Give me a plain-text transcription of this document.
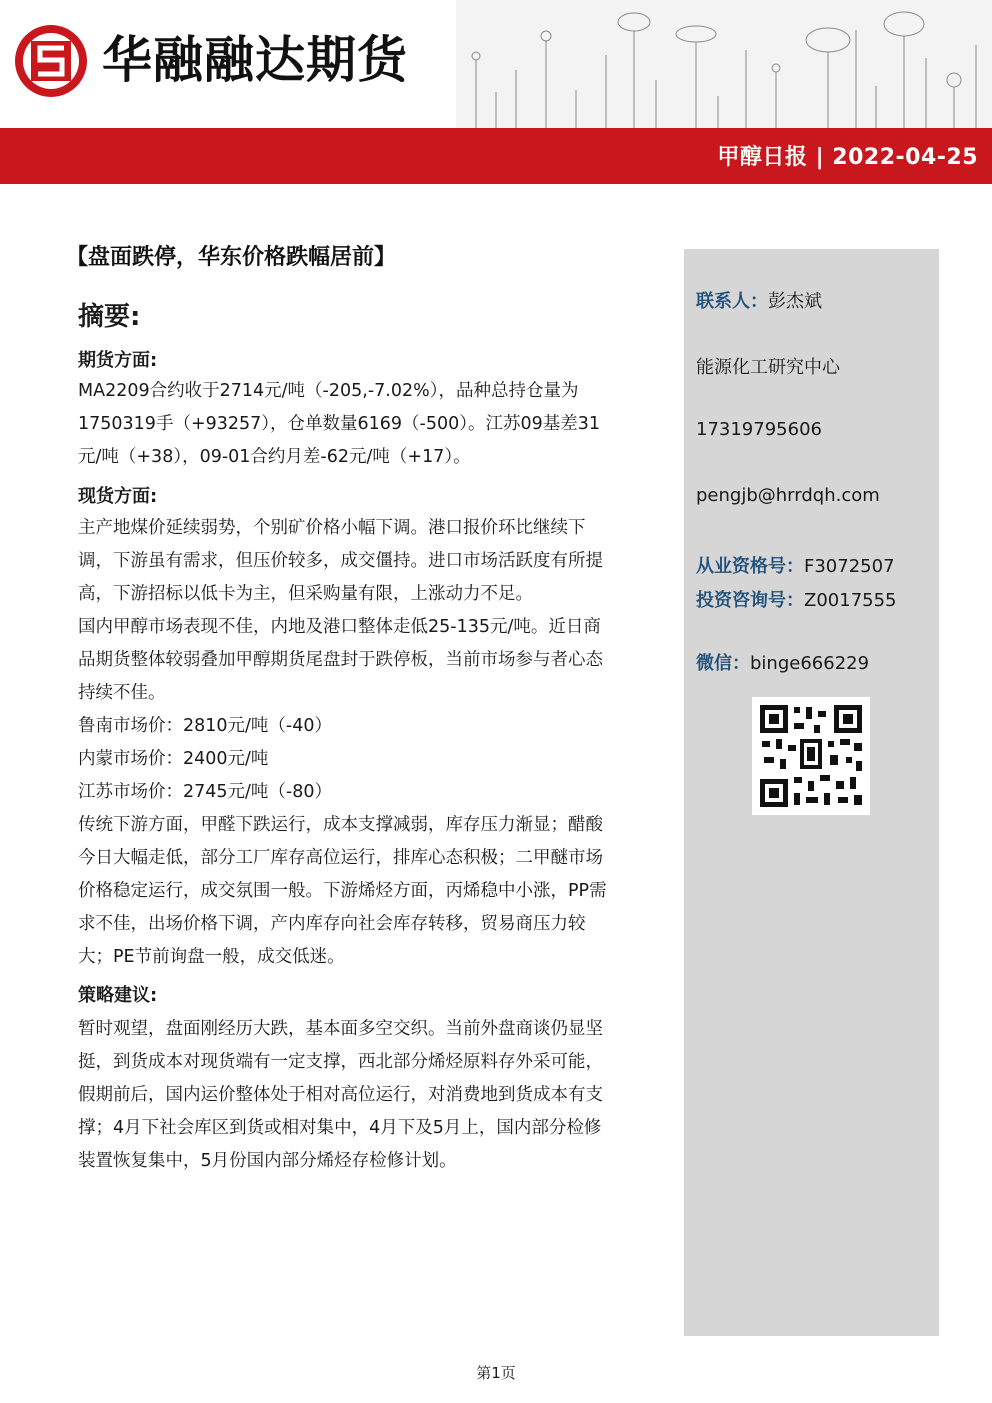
华融融达期货
甲醇日报 | 2022-04-25
【盘面跌停，华东价格跌幅居前】
摘要:
期货方面:
MA2209合约收于2714元/吨（-205,-7.02%），品种总持仓量为
1750319手（+93257），仓单数量6169（-500）。江苏09基差31
元/吨（+38），09-01合约月差-62元/吨（+17）。
现货方面:
主产地煤价延续弱势，个别矿价格小幅下调。港口报价环比继续下
调，下游虽有需求，但压价较多，成交僵持。进口市场活跃度有所提
高，下游招标以低卡为主，但采购量有限，上涨动力不足。
国内甲醇市场表现不佳，内地及港口整体走低25-135元/吨。近日商
品期货整体较弱叠加甲醇期货尾盘封于跌停板，当前市场参与者心态
持续不佳。
鲁南市场价：2810元/吨（-40）
内蒙市场价：2400元/吨
江苏市场价：2745元/吨（-80）
传统下游方面，甲醛下跌运行，成本支撑减弱，库存压力渐显；醋酸
今日大幅走低，部分工厂库存高位运行，排库心态积极；二甲醚市场
价格稳定运行，成交氛围一般。下游烯烃方面，丙烯稳中小涨，PP需
求不佳，出场价格下调，产内库存向社会库存转移，贸易商压力较
大；PE节前询盘一般，成交低迷。
策略建议:
暂时观望，盘面刚经历大跌，基本面多空交织。当前外盘商谈仍显坚
挺，到货成本对现货端有一定支撑，西北部分烯烃原料存外采可能，
假期前后，国内运价整体处于相对高位运行，对消费地到货成本有支
撑；4月下社会库区到货或相对集中，4月下及5月上，国内部分检修
装置恢复集中，5月份国内部分烯烃存检修计划。
联系人：彭杰斌
能源化工研究中心
17319795606
pengjb@hrrdqh.com
从业资格号：F3072507
投资咨询号：Z0017555
微信：binge666229
第1页
